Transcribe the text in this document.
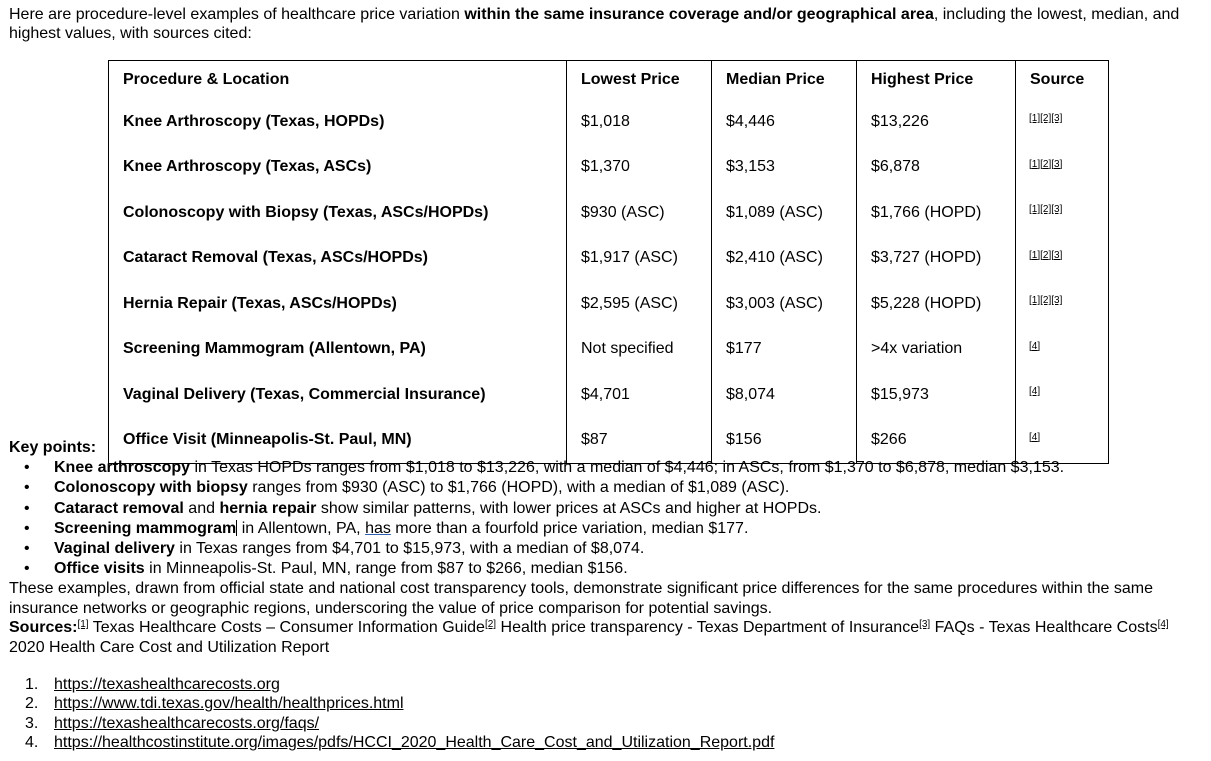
Here are procedure-level examples of healthcare price variation within the same insurance coverage and/or geographical area, including the lowest, median, and highest values, with sources cited:
Procedure & Location	Lowest Price	Median Price	Highest Price	Source
Knee Arthroscopy (Texas, HOPDs)	$1,018	$4,446	$13,226	[1][2][3]
Knee Arthroscopy (Texas, ASCs)	$1,370	$3,153	$6,878	[1][2][3]
Colonoscopy with Biopsy (Texas, ASCs/HOPDs)	$930 (ASC)	$1,089 (ASC)	$1,766 (HOPD)	[1][2][3]
Cataract Removal (Texas, ASCs/HOPDs)	$1,917 (ASC)	$2,410 (ASC)	$3,727 (HOPD)	[1][2][3]
Hernia Repair (Texas, ASCs/HOPDs)	$2,595 (ASC)	$3,003 (ASC)	$5,228 (HOPD)	[1][2][3]
Screening Mammogram (Allentown, PA)	Not specified	$177	>4x variation	[4]
Vaginal Delivery (Texas, Commercial Insurance)	$4,701	$8,074	$15,973	[4]
Office Visit (Minneapolis-St. Paul, MN)	$87	$156	$266	[4]
Key points:
• Knee arthroscopy in Texas HOPDs ranges from $1,018 to $13,226, with a median of $4,446; in ASCs, from $1,370 to $6,878, median $3,153.
• Colonoscopy with biopsy ranges from $930 (ASC) to $1,766 (HOPD), with a median of $1,089 (ASC).
• Cataract removal and hernia repair show similar patterns, with lower prices at ASCs and higher at HOPDs.
• Screening mammogram in Allentown, PA, has more than a fourfold price variation, median $177.
• Vaginal delivery in Texas ranges from $4,701 to $15,973, with a median of $8,074.
• Office visits in Minneapolis-St. Paul, MN, range from $87 to $266, median $156.
These examples, drawn from official state and national cost transparency tools, demonstrate significant price differences for the same procedures within the same insurance networks or geographic regions, underscoring the value of price comparison for potential savings.
Sources:[1] Texas Healthcare Costs – Consumer Information Guide[2] Health price transparency - Texas Department of Insurance[3] FAQs - Texas Healthcare Costs[4] 2020 Health Care Cost and Utilization Report
1. https://texashealthcarecosts.org
2. https://www.tdi.texas.gov/health/healthprices.html
3. https://texashealthcarecosts.org/faqs/
4. https://healthcostinstitute.org/images/pdfs/HCCI_2020_Health_Care_Cost_and_Utilization_Report.pdf
